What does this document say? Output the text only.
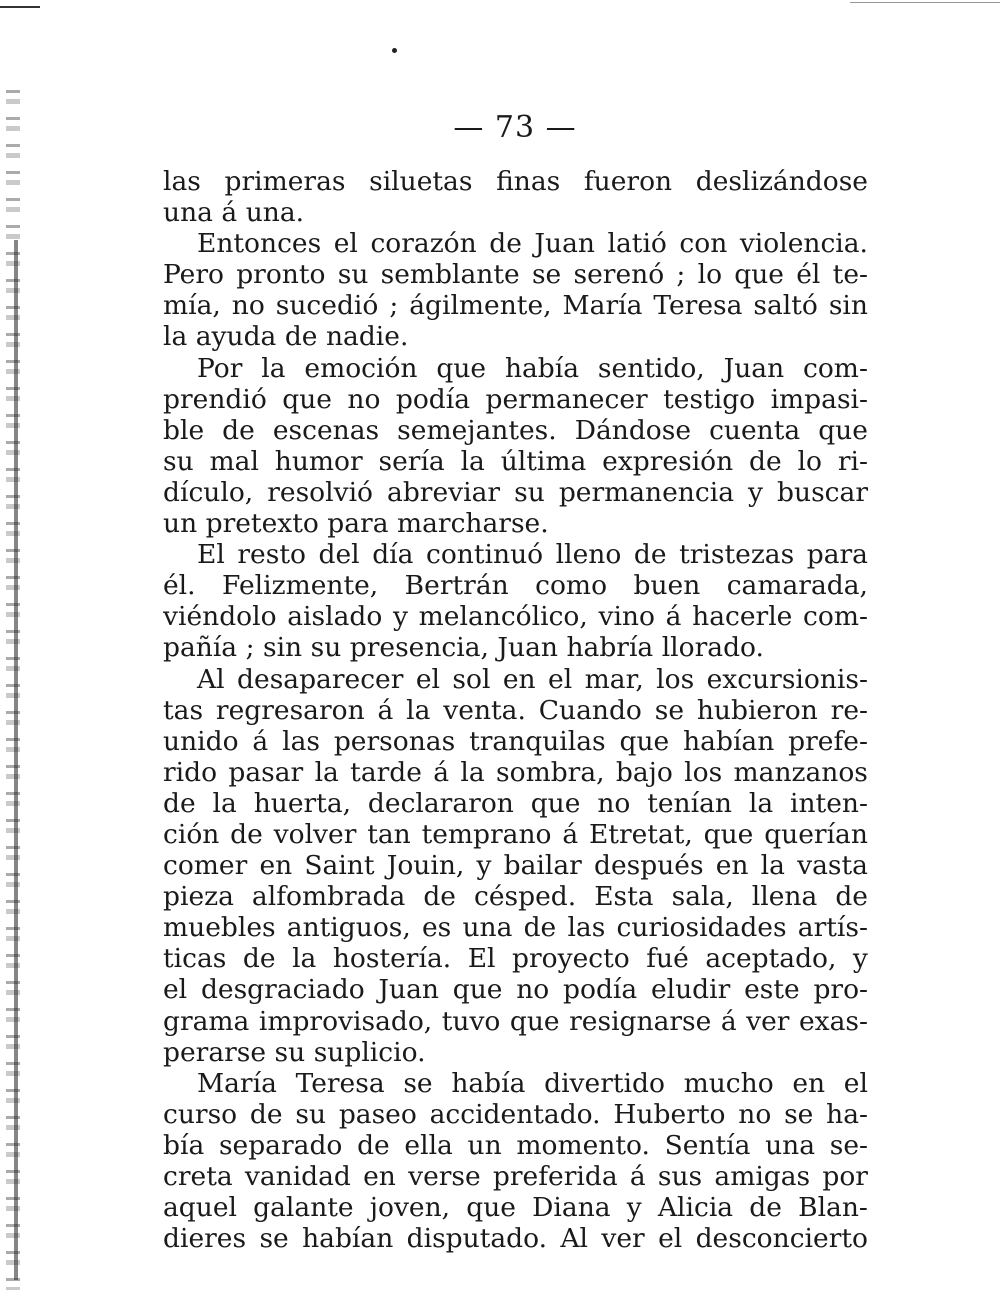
— 73 —
las primeras siluetas finas fueron deslizándose
una á una.
Entonces el corazón de Juan latió con violencia.
Pero pronto su semblante se serenó ; lo que él te-
mía, no sucedió ; ágilmente, María Teresa saltó sin
la ayuda de nadie.
Por la emoción que había sentido, Juan com-
prendió que no podía permanecer testigo impasi-
ble de escenas semejantes. Dándose cuenta que
su mal humor sería la última expresión de lo ri-
dículo, resolvió abreviar su permanencia y buscar
un pretexto para marcharse.
El resto del día continuó lleno de tristezas para
él. Felizmente, Bertrán como buen camarada,
viéndolo aislado y melancólico, vino á hacerle com-
pañía ; sin su presencia, Juan habría llorado.
Al desaparecer el sol en el mar, los excursionis-
tas regresaron á la venta. Cuando se hubieron re-
unido á las personas tranquilas que habían prefe-
rido pasar la tarde á la sombra, bajo los manzanos
de la huerta, declararon que no tenían la inten-
ción de volver tan temprano á Etretat, que querían
comer en Saint Jouin, y bailar después en la vasta
pieza alfombrada de césped. Esta sala, llena de
muebles antiguos, es una de las curiosidades artís-
ticas de la hostería. El proyecto fué aceptado, y
el desgraciado Juan que no podía eludir este pro-
grama improvisado, tuvo que resignarse á ver exas-
perarse su suplicio.
María Teresa se había divertido mucho en el
curso de su paseo accidentado. Huberto no se ha-
bía separado de ella un momento. Sentía una se-
creta vanidad en verse preferida á sus amigas por
aquel galante joven, que Diana y Alicia de Blan-
dieres se habían disputado. Al ver el desconcierto
